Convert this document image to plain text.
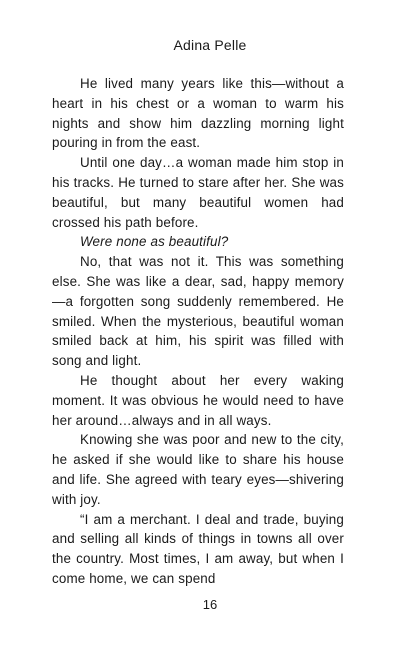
Adina Pelle

He lived many years like this—without a heart in his chest or a woman to warm his nights and show him dazzling morning light pouring in from the east.

Until one day…a woman made him stop in his tracks. He turned to stare after her. She was beautiful, but many beautiful women had crossed his path before.

Were none as beautiful?

No, that was not it. This was something else. She was like a dear, sad, happy memory—a forgotten song suddenly remembered. He smiled. When the mysterious, beautiful woman smiled back at him, his spirit was filled with song and light.

He thought about her every waking moment. It was obvious he would need to have her around…always and in all ways.

Knowing she was poor and new to the city, he asked if she would like to share his house and life. She agreed with teary eyes—shivering with joy.

“I am a merchant. I deal and trade, buying and selling all kinds of things in towns all over the country. Most times, I am away, but when I come home, we can spend

16
